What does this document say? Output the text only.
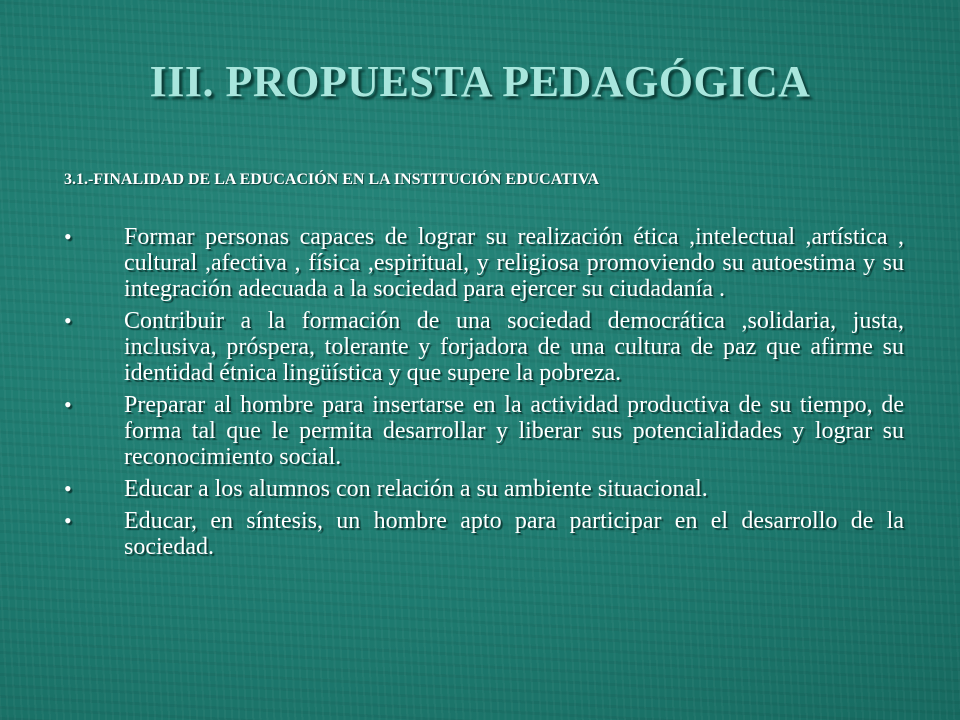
III. PROPUESTA PEDAGÓGICA

3.1.-FINALIDAD DE LA EDUCACIÓN EN LA INSTITUCIÓN EDUCATIVA

• Formar personas capaces de lograr su realización ética ,intelectual ,artística , cultural ,afectiva , física ,espiritual, y religiosa promoviendo su autoestima y su integración adecuada a la sociedad para ejercer su ciudadanía .
• Contribuir a la formación de una sociedad democrática ,solidaria, justa, inclusiva, próspera, tolerante y forjadora de una cultura de paz que afirme su identidad étnica lingüística y que supere la pobreza.
• Preparar al hombre para insertarse en la actividad productiva de su tiempo, de forma tal que le permita desarrollar y liberar sus potencialidades y lograr su reconocimiento social.
• Educar a los alumnos con relación a su ambiente situacional.
• Educar, en síntesis, un hombre apto para participar en el desarrollo de la sociedad.
